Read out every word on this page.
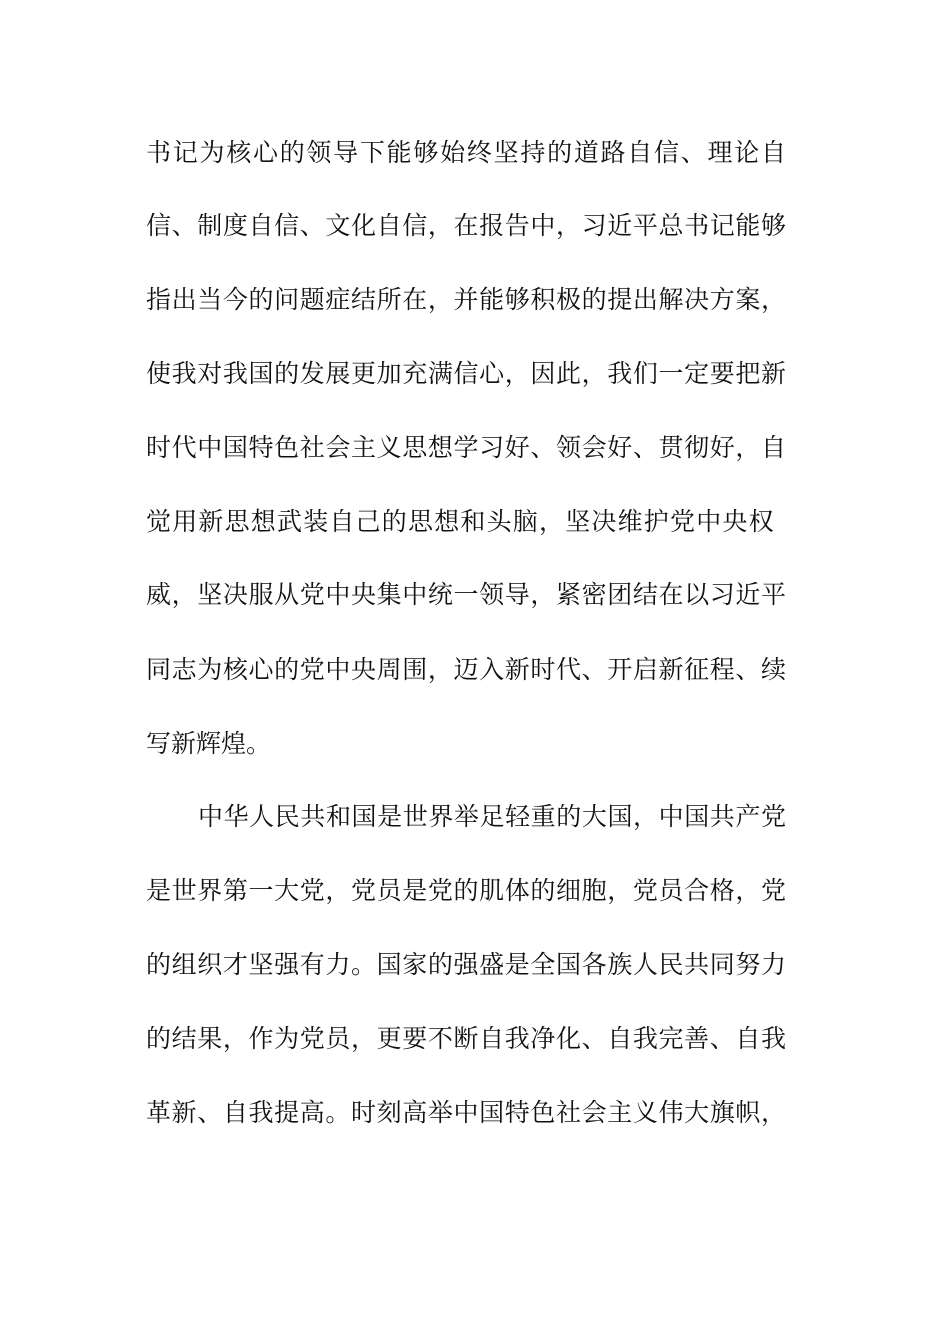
书记为核心的领导下能够始终坚持的道路自信、理论自
信、制度自信、文化自信，在报告中，习近平总书记能够
指出当今的问题症结所在，并能够积极的提出解决方案，
使我对我国的发展更加充满信心，因此，我们一定要把新
时代中国特色社会主义思想学习好、领会好、贯彻好，自
觉用新思想武装自己的思想和头脑，坚决维护党中央权
威，坚决服从党中央集中统一领导，紧密团结在以习近平
同志为核心的党中央周围，迈入新时代、开启新征程、续
写新辉煌。
中华人民共和国是世界举足轻重的大国，中国共产党
是世界第一大党，党员是党的肌体的细胞，党员合格，党
的组织才坚强有力。国家的强盛是全国各族人民共同努力
的结果，作为党员，更要不断自我净化、自我完善、自我
革新、自我提高。时刻高举中国特色社会主义伟大旗帜，
